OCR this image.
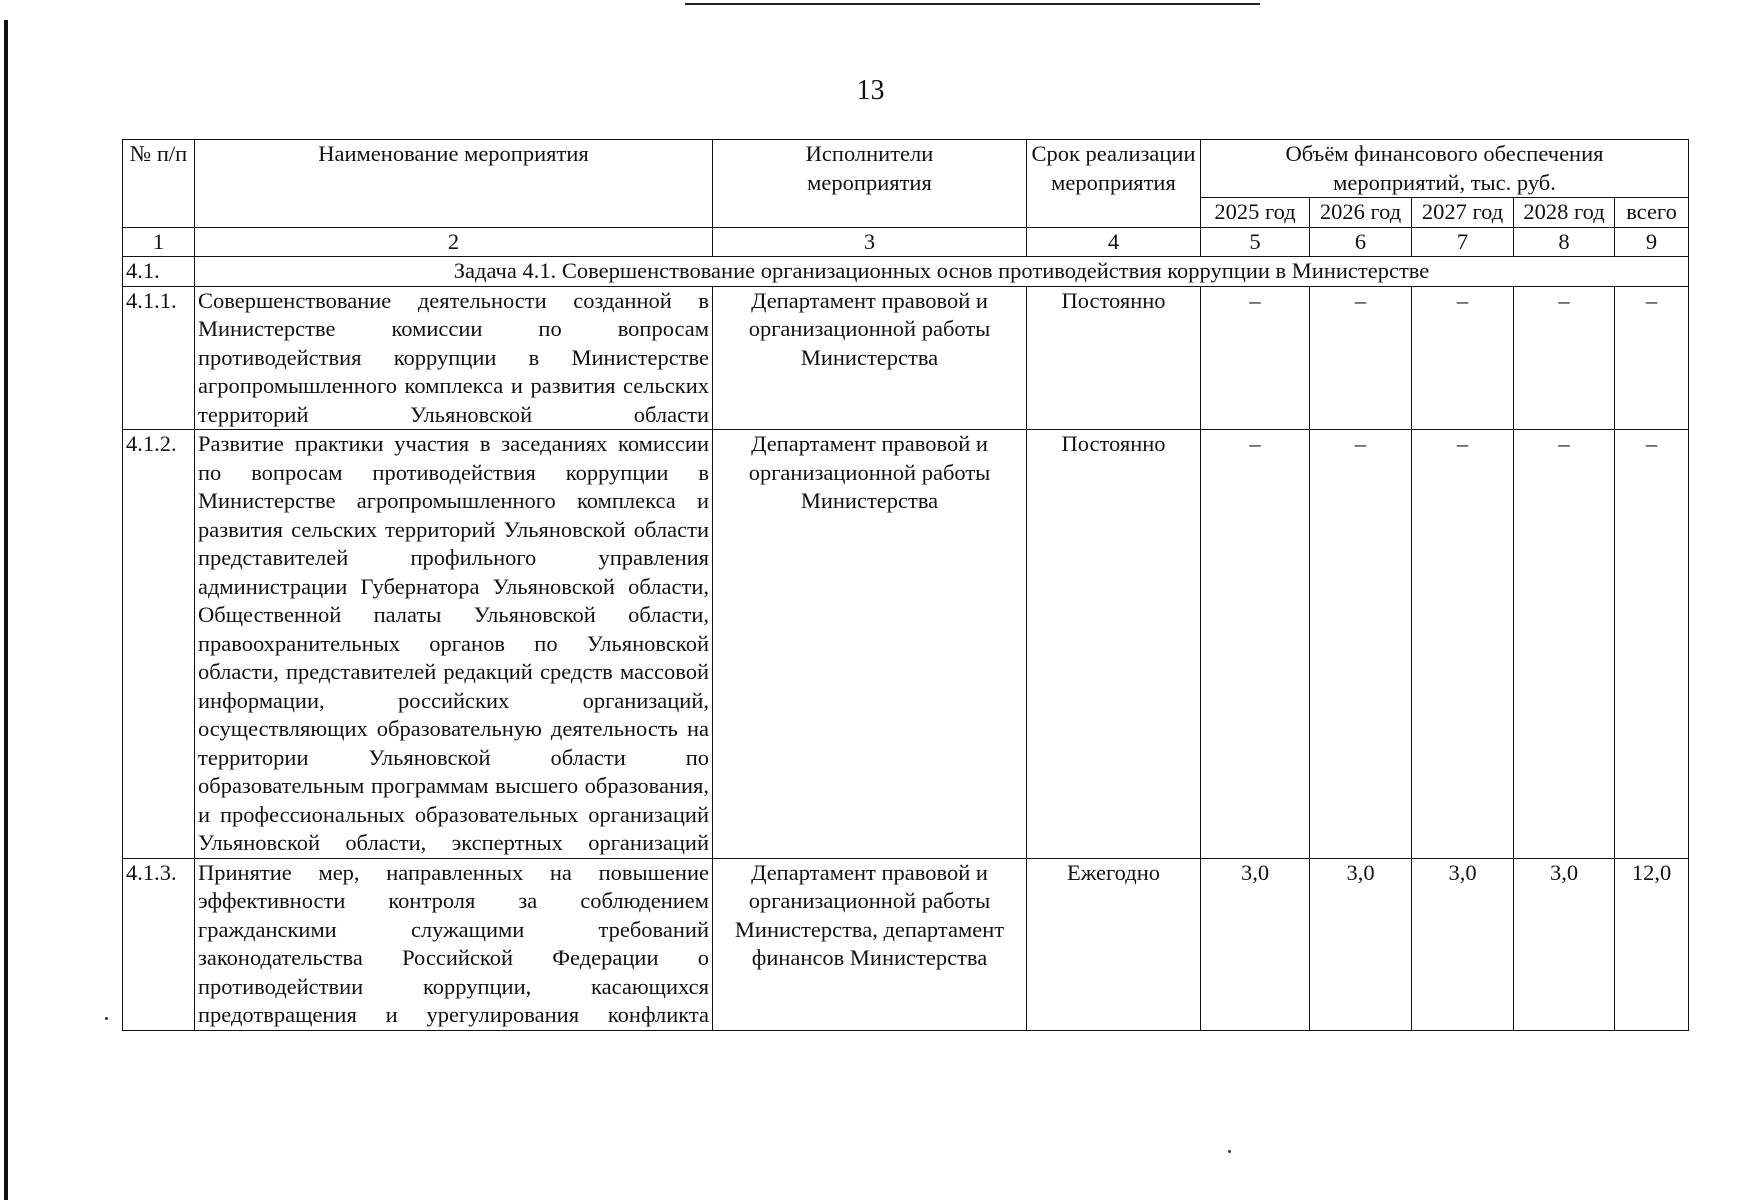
13
№ п/п	Наименование мероприятия	Исполнители мероприятия	Срок реализации мероприятия	Объём финансового обеспечения мероприятий, тыс. руб.				
				2025 год	2026 год	2027 год	2028 год	всего
1	2	3	4	5	6	7	8	9
4.1.	Задача 4.1. Совершенствование организационных основ противодействия коррупции в Министерстве							
4.1.1.	Совершенствование деятельности созданной в Министерстве комиссии по вопросам противодействия коррупции в Министерстве агропромышленного комплекса и развития сельских территорий Ульяновской области	Департамент правовой и организационной работы Министерства	Постоянно	–	–	–	–	–
4.1.2.	Развитие практики участия в заседаниях комиссии по вопросам противодействия коррупции в Министерстве агропромышленного комплекса и развития сельских территорий Ульяновской области представителей профильного управления администрации Губернатора Ульяновской области, Общественной палаты Ульяновской области, правоохранительных органов по Ульяновской области, представителей редакций средств массовой информации, российских организаций, осуществляющих образовательную деятельность на территории Ульяновской области по образовательным программам высшего образования, и профессиональных образовательных организаций Ульяновской области, экспертных организаций	Департамент правовой и организационной работы Министерства	Постоянно	–	–	–	–	–
4.1.3.	Принятие мер, направленных на повышение эффективности контроля за соблюдением гражданскими служащими требований законодательства Российской Федерации о противодействии коррупции, касающихся предотвращения и урегулирования конфликта	Департамент правовой и организационной работы Министерства, департамент финансов Министерства	Ежегодно	3,0	3,0	3,0	3,0	12,0
